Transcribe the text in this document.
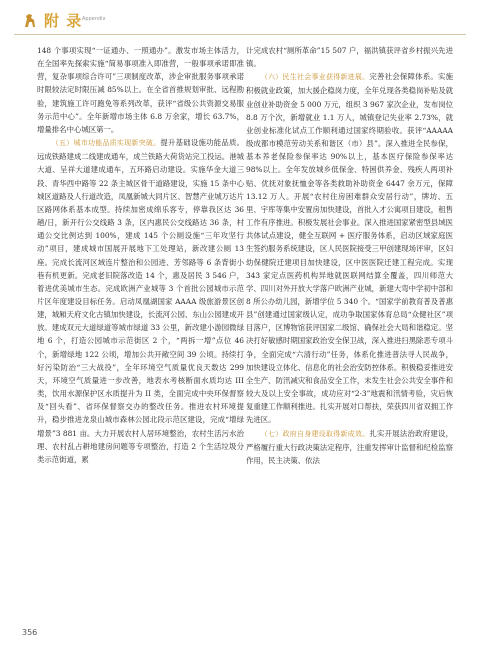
附 录 Appendix

148 个事项实现“一证通办、一照通办”。激发市场主体活力，在全国率先探索实施“简易事项准入即准营，一般事项承诺即准营，复杂事项综合许可”三项制度改革，涉企审批服务事项承诺时限较法定时限压减 85%以上。在全省首推规划审批、远程勘验，建筑施工许可跑免等系列改革，获评“省级公共资源交易服务示范中心”。全年新增市场主体 6.8 万余家，增长 63.7%，增量排名中心城区第一。

（五）城市功能品质实现新突破。提升基础设施功能品质。远成铁路建成二线建成通车，成兰铁路大荷货站完工投运。港城大道、呈祥大道建成通车，五环路启动建设。实施华金大道三段、青华西中路等 22 条主城区骨干道路建设，实施 15 条中心城区道路及人行道改造，凤凰新城大同片区、智慧产业城万达片区路网体系基本成型。持续加密成绵乐客专，停靠我区达 36 趟/日，新开行公交线路 3 条，区内惠民公交线路达 36 条，村通公交比例达到 100%，建成 145 个公厕设施“三年攻坚行动”项目，建成城市国展开展地下工处理站，新改建公厕 13 座。完成长流河区域连片整治和公园进、芳邻路等 6 条背街小巷有机更新。完成老旧院落改造 14 个，惠及居民 3 546 户，着进优美城市生态。完成欧洲产业城等 3 个首批公园城市示范片区年度建设目标任务。启动凤凰湖国家 AAAA 级旅游景区创建，城厢天府文化古镇加快建设，长流河公园、东山公园建成开放。建成双元大道绿道等城市绿道 33 公里，新改建小游园微绿地 6 个，打造公园城市示范街区 2 个，“两拆一增”点位 46 个，新增绿地 122 公顷，增加公共开敞空间 39 公顷。持续打好污染防治“三大战役”，全年环境空气质量优良天数达 299 天，环境空气质量进一步改善，地表水考核断面水质均达 III 类，饮用水源保护区水质提升为 II 类，全面完成中央环保督察及“回头看”、省环保督察交办的整改任务。推进农村环境提升，稳步推进龙泉山城市森林公园北段示范区建设，完成“增绿增景”3 881 亩。大力开展农村人居环境整治，农村生活污水治理、农村乱占耕地建房问题等专项整治，打造 2 个生活垃圾分类示范街道，累

计完成农村“厕所革命”15 507 户，福洪镇获评省乡村振兴先进镇。

（六）民生社会事业获得新进展。完善社会保障体系。实施积极就业政策，加大援企稳岗力度，全年兑现各类稳岗补贴及就业创业补助资金 5 000 万元，组织 3 967 家次企业，发布岗位 8.8 万个次，新增就业 1.1 万人，城镇登记失业率 2.73%，就业创业标准化试点工作顺利通过国家终期验收。获评“AAAAA 级成都市模范劳动关系和谐区（市）县”。深入推进全民参保，基本养老保险参保率达 90%以上，基本医疗保险参保率达 98%以上。全年发放城乡低保金、特困供养金、残疾人两项补贴、优抚对象抚恤金等各类救助补助资金 6447 余万元，保障 13.12 万人。开展“农村住房困难群众安居行动”，牌坊、五里、宇库等集中安置房加快建设，首批入才公寓项目建设，租售工作有序推进。积极发展社会事业。深入推进国家紧密型县域医共体试点建设，健全互联网 + 医疗服务体系，启动区域家庭医生签约服务系统建设，区人民医院接受三甲创建现场评审，区妇幼保健院迁建项目加快建设，区中医医院迁建工程完成。实现 343 家定点医药机构异地就医联网结算全覆盖，四川师范大学、四川对外开放大学落户欧洲产业城，新建大弯中学初中部和 8 所公办幼儿园，新增学位 5 340 个。“国家学前教育普及普惠县”创建通过国家级认定，成功争取国家体育总局“众健社区”项目落户，区博物馆获评国家二级馆、确保社会大局和谐稳定。坚决打好敏感时期国家政治安全保卫战，深入推进扫黑除恶专项斗争，全面完成“六清行动”任务，体系化推进普法寻人民战争，加快建设立体化、信息化的社会治安防控体系。积极稳妥推进安全生产、防汛减灾和食品安全工作，未发生社会公共安全事件和较大及以上安全事故，成功应对“2·3”地震和汛情考验，灾后恢复重建工作顺利推进。扎实开展对口帮扶，荣获四川省双拥工作先进区。

（七）政府自身建设取得新成效。扎实开展法治政府建设，严格履行重大行政决策法定程序，注重发挥审计监督和纪检监察作用，民主决策、依法

356
